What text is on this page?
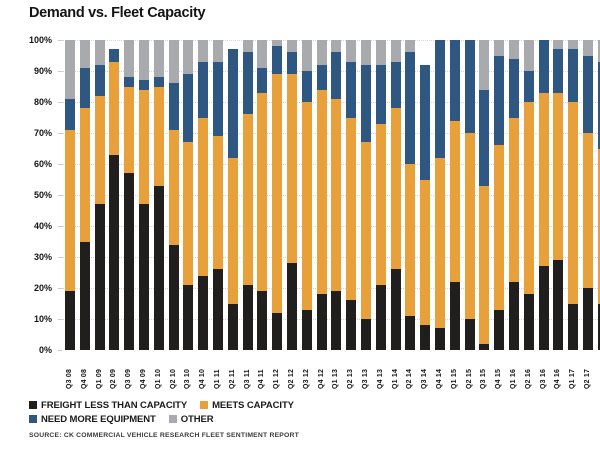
Demand vs. Fleet Capacity
100%
90%
80%
70%
60%
50%
40%
30%
20%
10%
0%
Q3 08 Q4 08 Q1 09 Q2 09 Q3 09 Q4 09 Q1 10 Q2 10 Q3 10 Q4 10 Q1 11 Q2 11 Q3 11 Q4 11 Q1 12 Q2 12 Q3 12 Q4 12 Q1 13 Q2 13 Q3 13 Q4 13 Q1 14 Q2 14 Q3 14 Q4 14 Q1 15 Q2 15 Q3 15 Q4 15 Q1 16 Q2 16 Q3 16 Q4 16 Q1 17 Q2 17
FREIGHT LESS THAN CAPACITY	MEETS CAPACITY
NEED MORE EQUIPMENT	OTHER
SOURCE: CK COMMERCIAL VEHICLE RESEARCH FLEET SENTIMENT REPORT
